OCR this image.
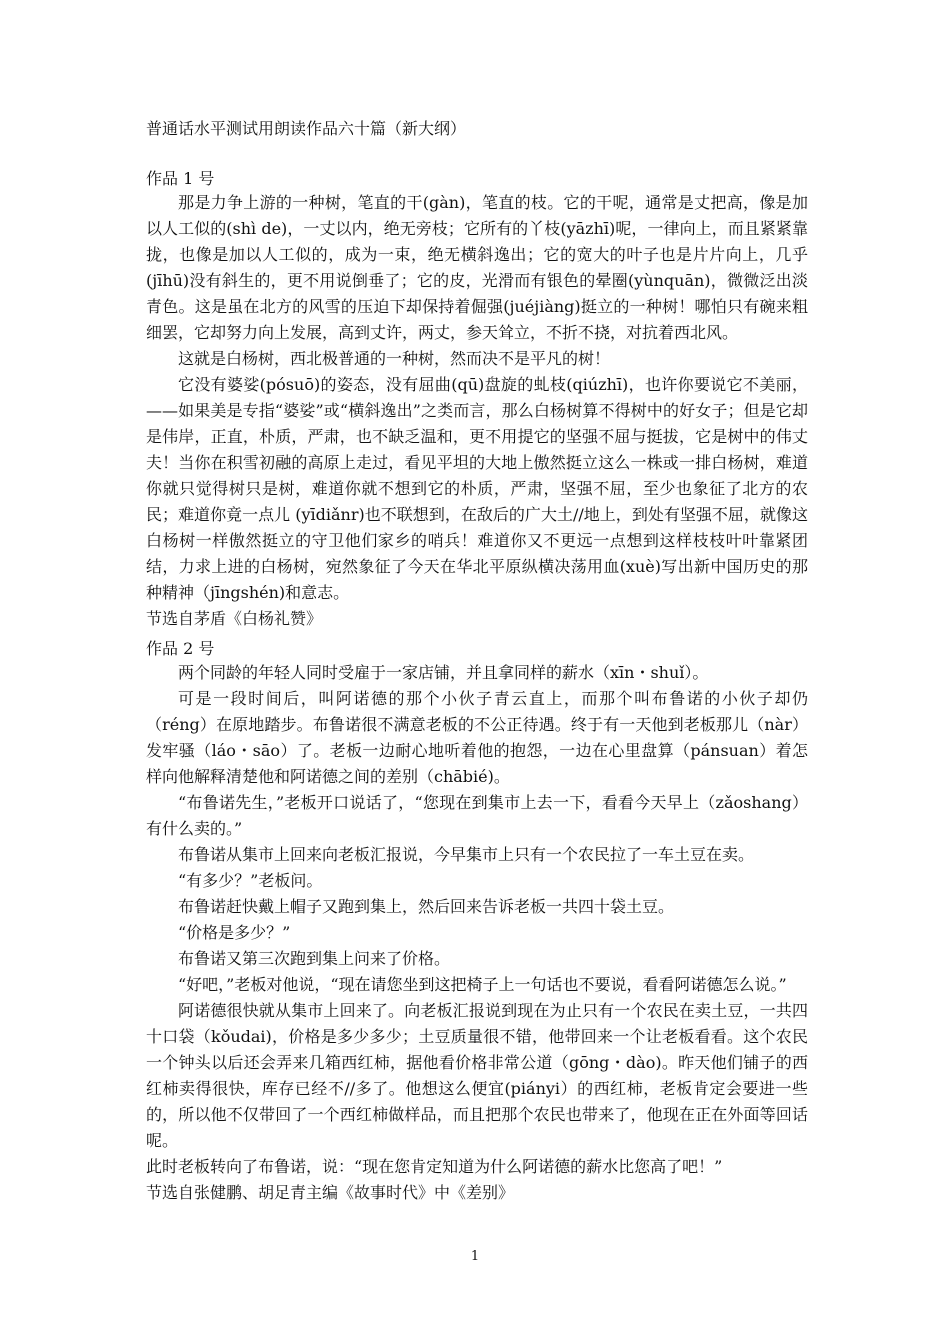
普通话水平测试用朗读作品六十篇（新大纲）
作品 1 号

那是力争上游的一种树，笔直的干(gàn)，笔直的枝。它的干呢，通常是丈把高，像是加以人工似的(shì de)，一丈以内，绝无旁枝；它所有的丫枝(yāzhī)呢，一律向上，而且紧紧靠拢，也像是加以人工似的，成为一束，绝无横斜逸出；它的宽大的叶子也是片片向上，几乎(jīhū)没有斜生的，更不用说倒垂了；它的皮，光滑而有银色的晕圈(yùnquān)，微微泛出淡青色。这是虽在北方的风雪的压迫下却保持着倔强(juéjiàng)挺立的一种树！哪怕只有碗来粗细罢，它却努力向上发展，高到丈许，两丈，参天耸立，不折不挠，对抗着西北风。

这就是白杨树，西北极普通的一种树，然而决不是平凡的树！

它没有婆娑(pósuō)的姿态，没有屈曲(qū)盘旋的虬枝(qiúzhī)，也许你要说它不美丽，——如果美是专指“婆娑”或“横斜逸出”之类而言，那么白杨树算不得树中的好女子；但是它却是伟岸，正直，朴质，严肃，也不缺乏温和，更不用提它的坚强不屈与挺拔，它是树中的伟丈夫！当你在积雪初融的高原上走过，看见平坦的大地上傲然挺立这么一株或一排白杨树，难道你就只觉得树只是树，难道你就不想到它的朴质，严肃，坚强不屈，至少也象征了北方的农民；难道你竟一点儿 (yīdiǎnr)也不联想到，在敌后的广大土//地上，到处有坚强不屈，就像这白杨树一样傲然挺立的守卫他们家乡的哨兵！难道你又不更远一点想到这样枝枝叶叶靠紧团结，力求上进的白杨树，宛然象征了今天在华北平原纵横决荡用血(xuè)写出新中国历史的那种精神（jīngshén)和意志。

节选自茅盾《白杨礼赞》

作品 2 号

两个同龄的年轻人同时受雇于一家店铺，并且拿同样的薪水（xīn・shuǐ）。

可是一段时间后，叫阿诺德的那个小伙子青云直上，而那个叫布鲁诺的小伙子却仍（réng）在原地踏步。布鲁诺很不满意老板的不公正待遇。终于有一天他到老板那儿（nàr）发牢骚（láo・sāo）了。老板一边耐心地听着他的抱怨，一边在心里盘算（pánsuan）着怎样向他解释清楚他和阿诺德之间的差别（chābié)。

“布鲁诺先生，”老板开口说话了，“您现在到集市上去一下，看看今天早上（zǎoshang）有什么卖的。”

布鲁诺从集市上回来向老板汇报说，今早集市上只有一个农民拉了一车土豆在卖。

“有多少？”老板问。

布鲁诺赶快戴上帽子又跑到集上，然后回来告诉老板一共四十袋土豆。

“价格是多少？”

布鲁诺又第三次跑到集上问来了价格。

“好吧，”老板对他说，“现在请您坐到这把椅子上一句话也不要说，看看阿诺德怎么说。”

阿诺德很快就从集市上回来了。向老板汇报说到现在为止只有一个农民在卖土豆，一共四十口袋（kǒudai)，价格是多少多少；土豆质量很不错，他带回来一个让老板看看。这个农民一个钟头以后还会弄来几箱西红柿，据他看价格非常公道（gōng・dào)。昨天他们铺子的西红柿卖得很快，库存已经不//多了。他想这么便宜(piányi）的西红柿，老板肯定会要进一些的，所以他不仅带回了一个西红柿做样品，而且把那个农民也带来了，他现在正在外面等回话呢。

此时老板转向了布鲁诺，说：“现在您肯定知道为什么阿诺德的薪水比您高了吧！”

节选自张健鹏、胡足青主编《故事时代》中《差别》

1
